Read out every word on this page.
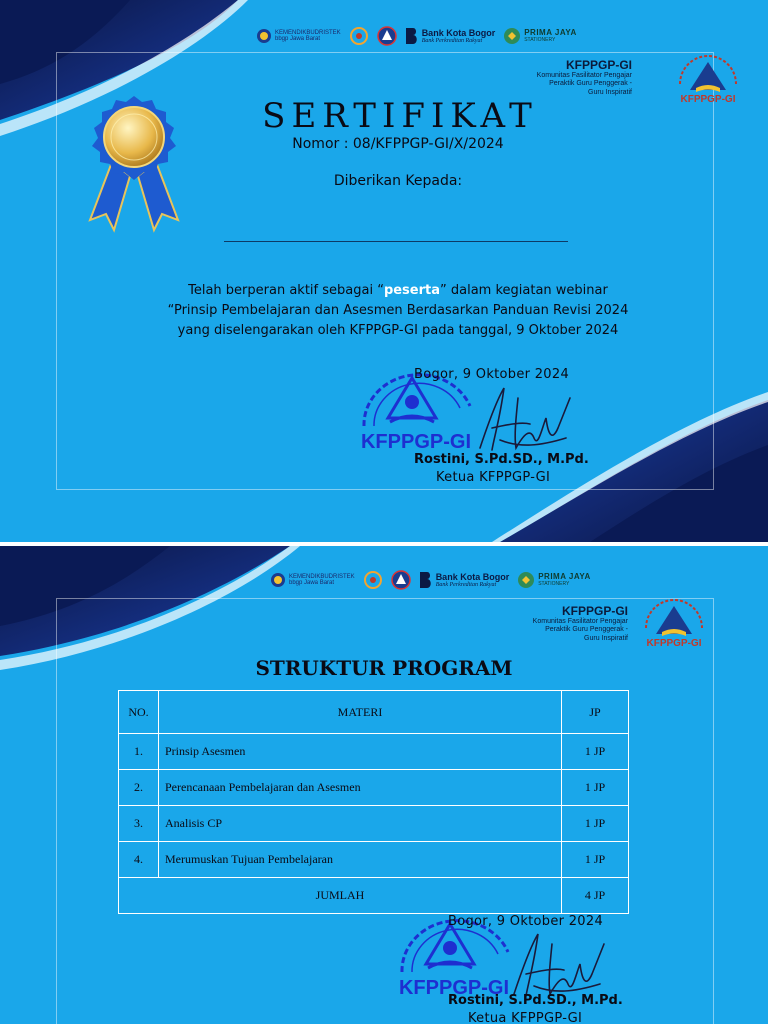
KEMENDIKBUDRISTEK
bbgp Jawa Barat
Bank Kota Bogor
Bank Perkreditan Rakyat
PRIMA JAYA
STATIONERY
KFPPGP-GI
Komunitas Fasilitator Pengajar
Peraktik Guru Penggerak -
Guru Inspiratif
KFPPGP-GI
SERTIFIKAT
Nomor : 08/KFPPGP-GI/X/2024
Diberikan Kepada:
Telah berperan aktif sebagai “peserta” dalam kegiatan webinar
“Prinsip Pembelajaran dan Asesmen Berdasarkan Panduan Revisi 2024
yang diselengarakan oleh KFPPGP-GI pada tanggal, 9 Oktober 2024
KFPPGP-GI
Bogor, 9 Oktober 2024
Rostini, S.Pd.SD., M.Pd.
Ketua KFPPGP-GI
KEMENDIKBUDRISTEK
bbgp Jawa Barat
Bank Kota Bogor
Bank Perkreditan Rakyat
PRIMA JAYA
STATIONERY
KFPPGP-GI
Komunitas Fasilitator Pengajar
Peraktik Guru Penggerak -
Guru Inspiratif KFPPGP-GI
KFPPGP-GI
Bogor, 9 Oktober 2024
Rostini, S.Pd.SD., M.Pd.
Ketua KFPPGP-GI
STRUKTUR PROGRAM
NO.	MATERI	JP
1.	Prinsip Asesmen	1 JP
2.	Perencanaan Pembelajaran dan Asesmen	1 JP
3.	Analisis CP	1 JP
4.	Merumuskan Tujuan Pembelajaran	1 JP
JUMLAH		4 JP
